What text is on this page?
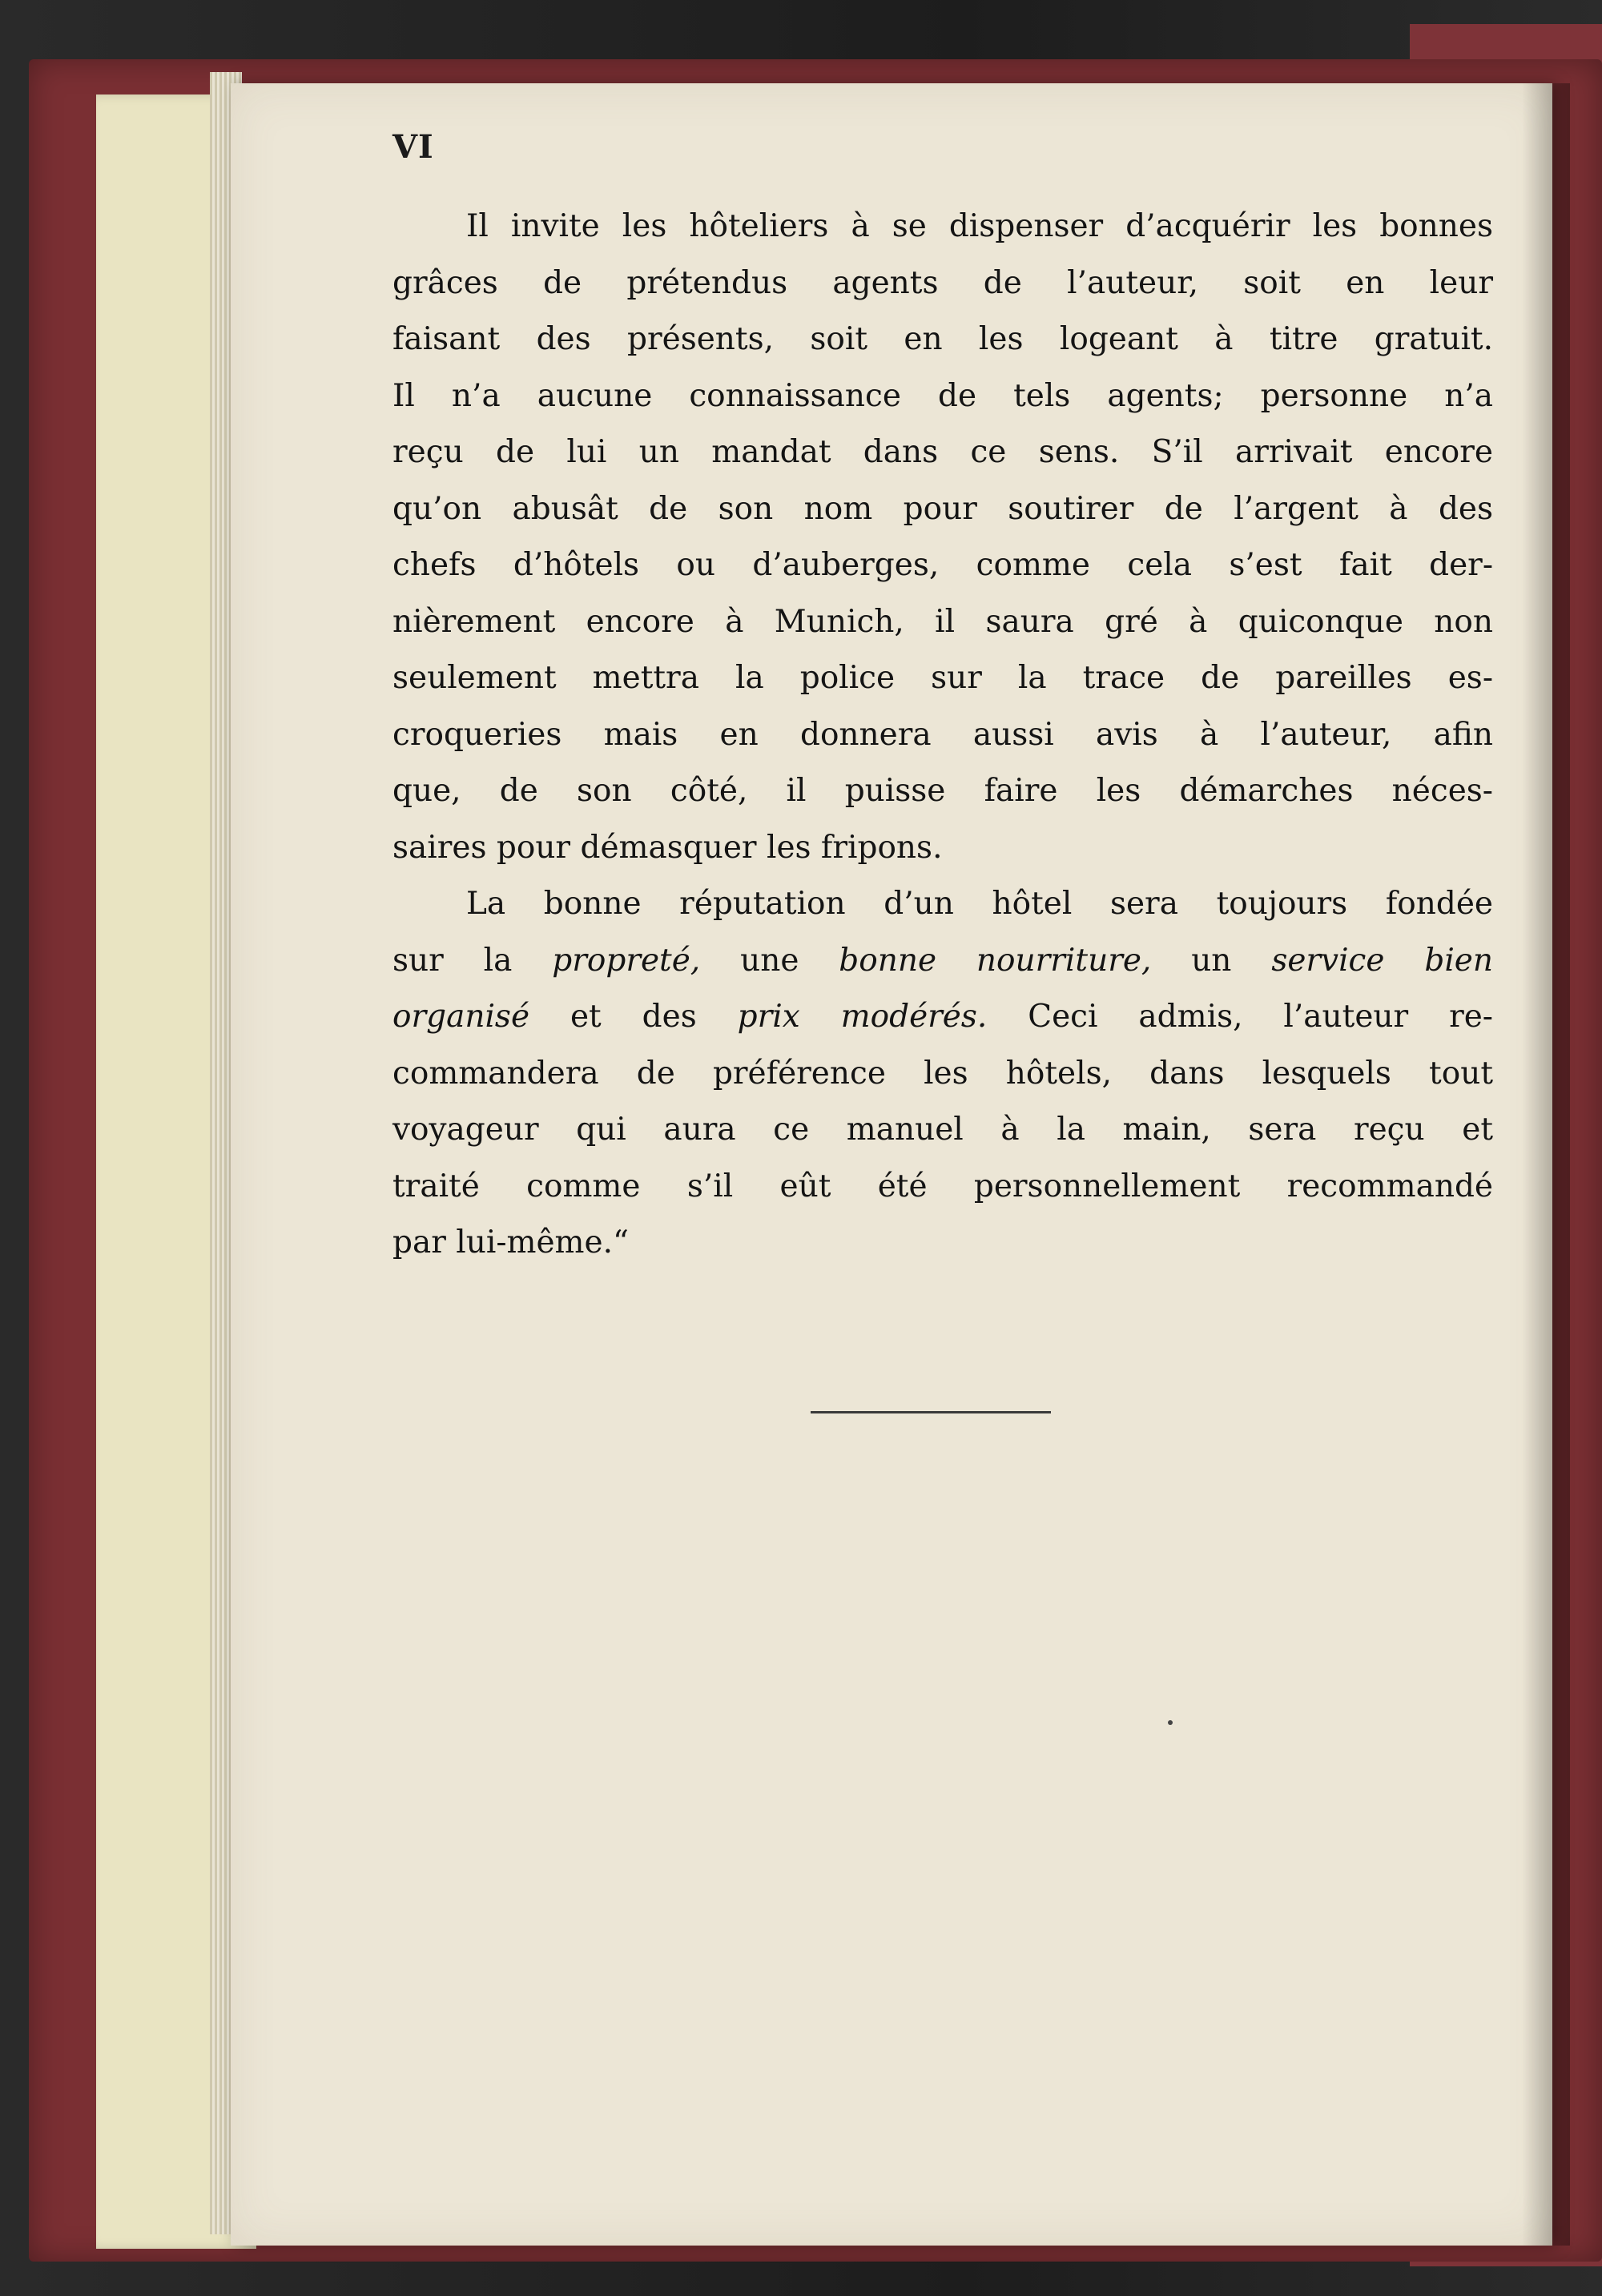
VI
Il invite les hôteliers à se dispenser d’acquérir les bonnes
grâces de prétendus agents de l’auteur, soit en leur
faisant des présents, soit en les logeant à titre gratuit.
Il n’a aucune connaissance de tels agents; personne n’a
reçu de lui un mandat dans ce sens. S’il arrivait encore
qu’on abusât de son nom pour soutirer de l’argent à des
chefs d’hôtels ou d’auberges, comme cela s’est fait der-
nièrement encore à Munich, il saura gré à quiconque non
seulement mettra la police sur la trace de pareilles es-
croqueries mais en donnera aussi avis à l’auteur, afin
que, de son côté, il puisse faire les démarches néces-
saires pour démasquer les fripons.
La bonne réputation d’un hôtel sera toujours fondée
sur la propreté, une bonne nourriture, un service bien
organisé et des prix modérés. Ceci admis, l’auteur re-
commandera de préférence les hôtels, dans lesquels tout
voyageur qui aura ce manuel à la main, sera reçu et
traité comme s’il eût été personnellement recommandé
par lui-même.“
